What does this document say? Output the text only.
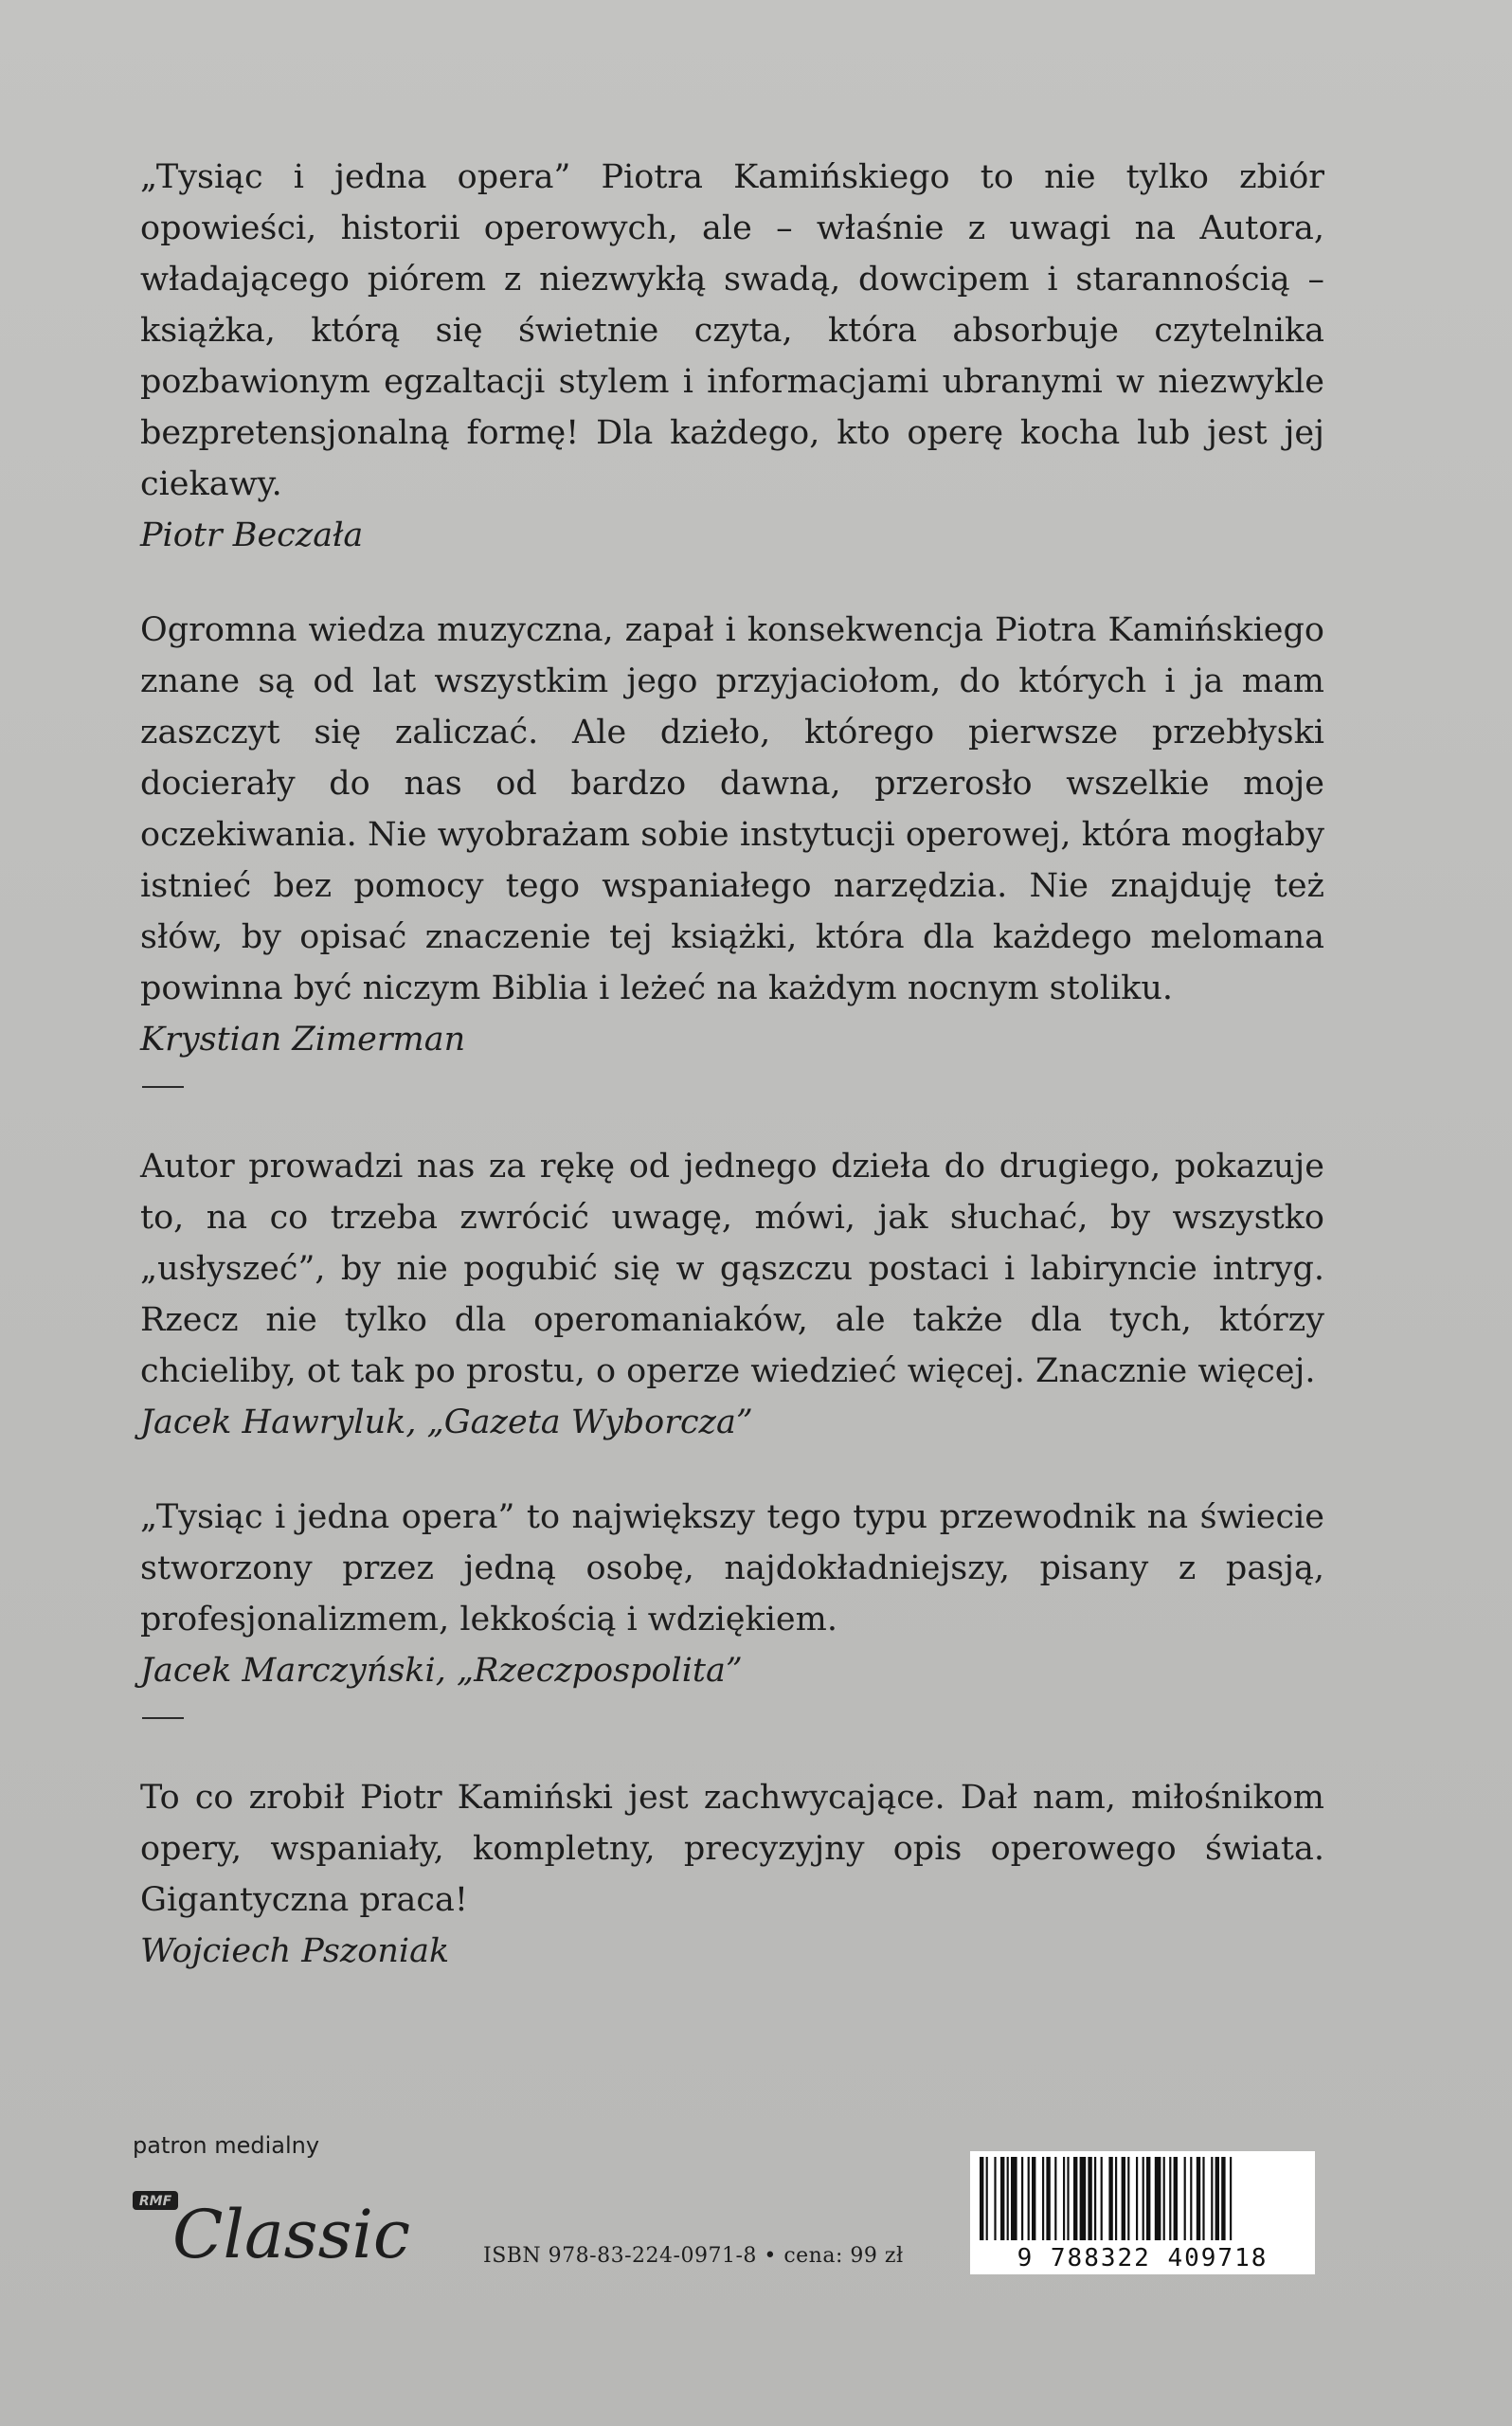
„Tysiąc i jedna opera” Piotra Kamińskiego to nie tylko zbiór opowieści, historii operowych, ale – właśnie z uwagi na Autora, władającego piórem z niezwykłą swadą, dowcipem i starannością – książka, którą się świetnie czyta, która absorbuje czytelnika pozbawionym egzaltacji stylem i informacjami ubranymi w niezwykle bezpretensjonalną formę! Dla każdego, kto operę kocha lub jest jej ciekawy.

Piotr Beczała

Ogromna wiedza muzyczna, zapał i konsekwencja Piotra Kamińskiego znane są od lat wszystkim jego przyjaciołom, do których i ja mam zaszczyt się zaliczać. Ale dzieło, którego pierwsze przebłyski docierały do nas od bardzo dawna, przerosło wszelkie moje oczekiwania. Nie wyobrażam sobie instytucji operowej, która mogłaby istnieć bez pomocy tego wspaniałego narzędzia. Nie znajduję też słów, by opisać znaczenie tej książki, która dla każdego melomana powinna być niczym Biblia i leżeć na każdym nocnym stoliku.

Krystian Zimerman

Autor prowadzi nas za rękę od jednego dzieła do drugiego, pokazuje to, na co trzeba zwrócić uwagę, mówi, jak słuchać, by wszystko „usłyszeć”, by nie pogubić się w gąszczu postaci i labiryncie intryg. Rzecz nie tylko dla operomaniaków, ale także dla tych, którzy chcieliby, ot tak po prostu, o operze wiedzieć więcej. Znacznie więcej.

Jacek Hawryluk, „Gazeta Wyborcza”

„Tysiąc i jedna opera” to największy tego typu przewodnik na świecie stworzony przez jedną osobę, najdokładniejszy, pisany z pasją, profesjonalizmem, lekkością i wdziękiem.

Jacek Marczyński, „Rzeczpospolita”

To co zrobił Piotr Kamiński jest zachwycające. Dał nam, miłośnikom opery, wspaniały, kompletny, precyzyjny opis operowego świata. Gigantyczna praca!

Wojciech Pszoniak

patron medialny
RMF Classic	ISBN 978-83-224-0971-8 • cena: 99 zł	9 788322 409718
